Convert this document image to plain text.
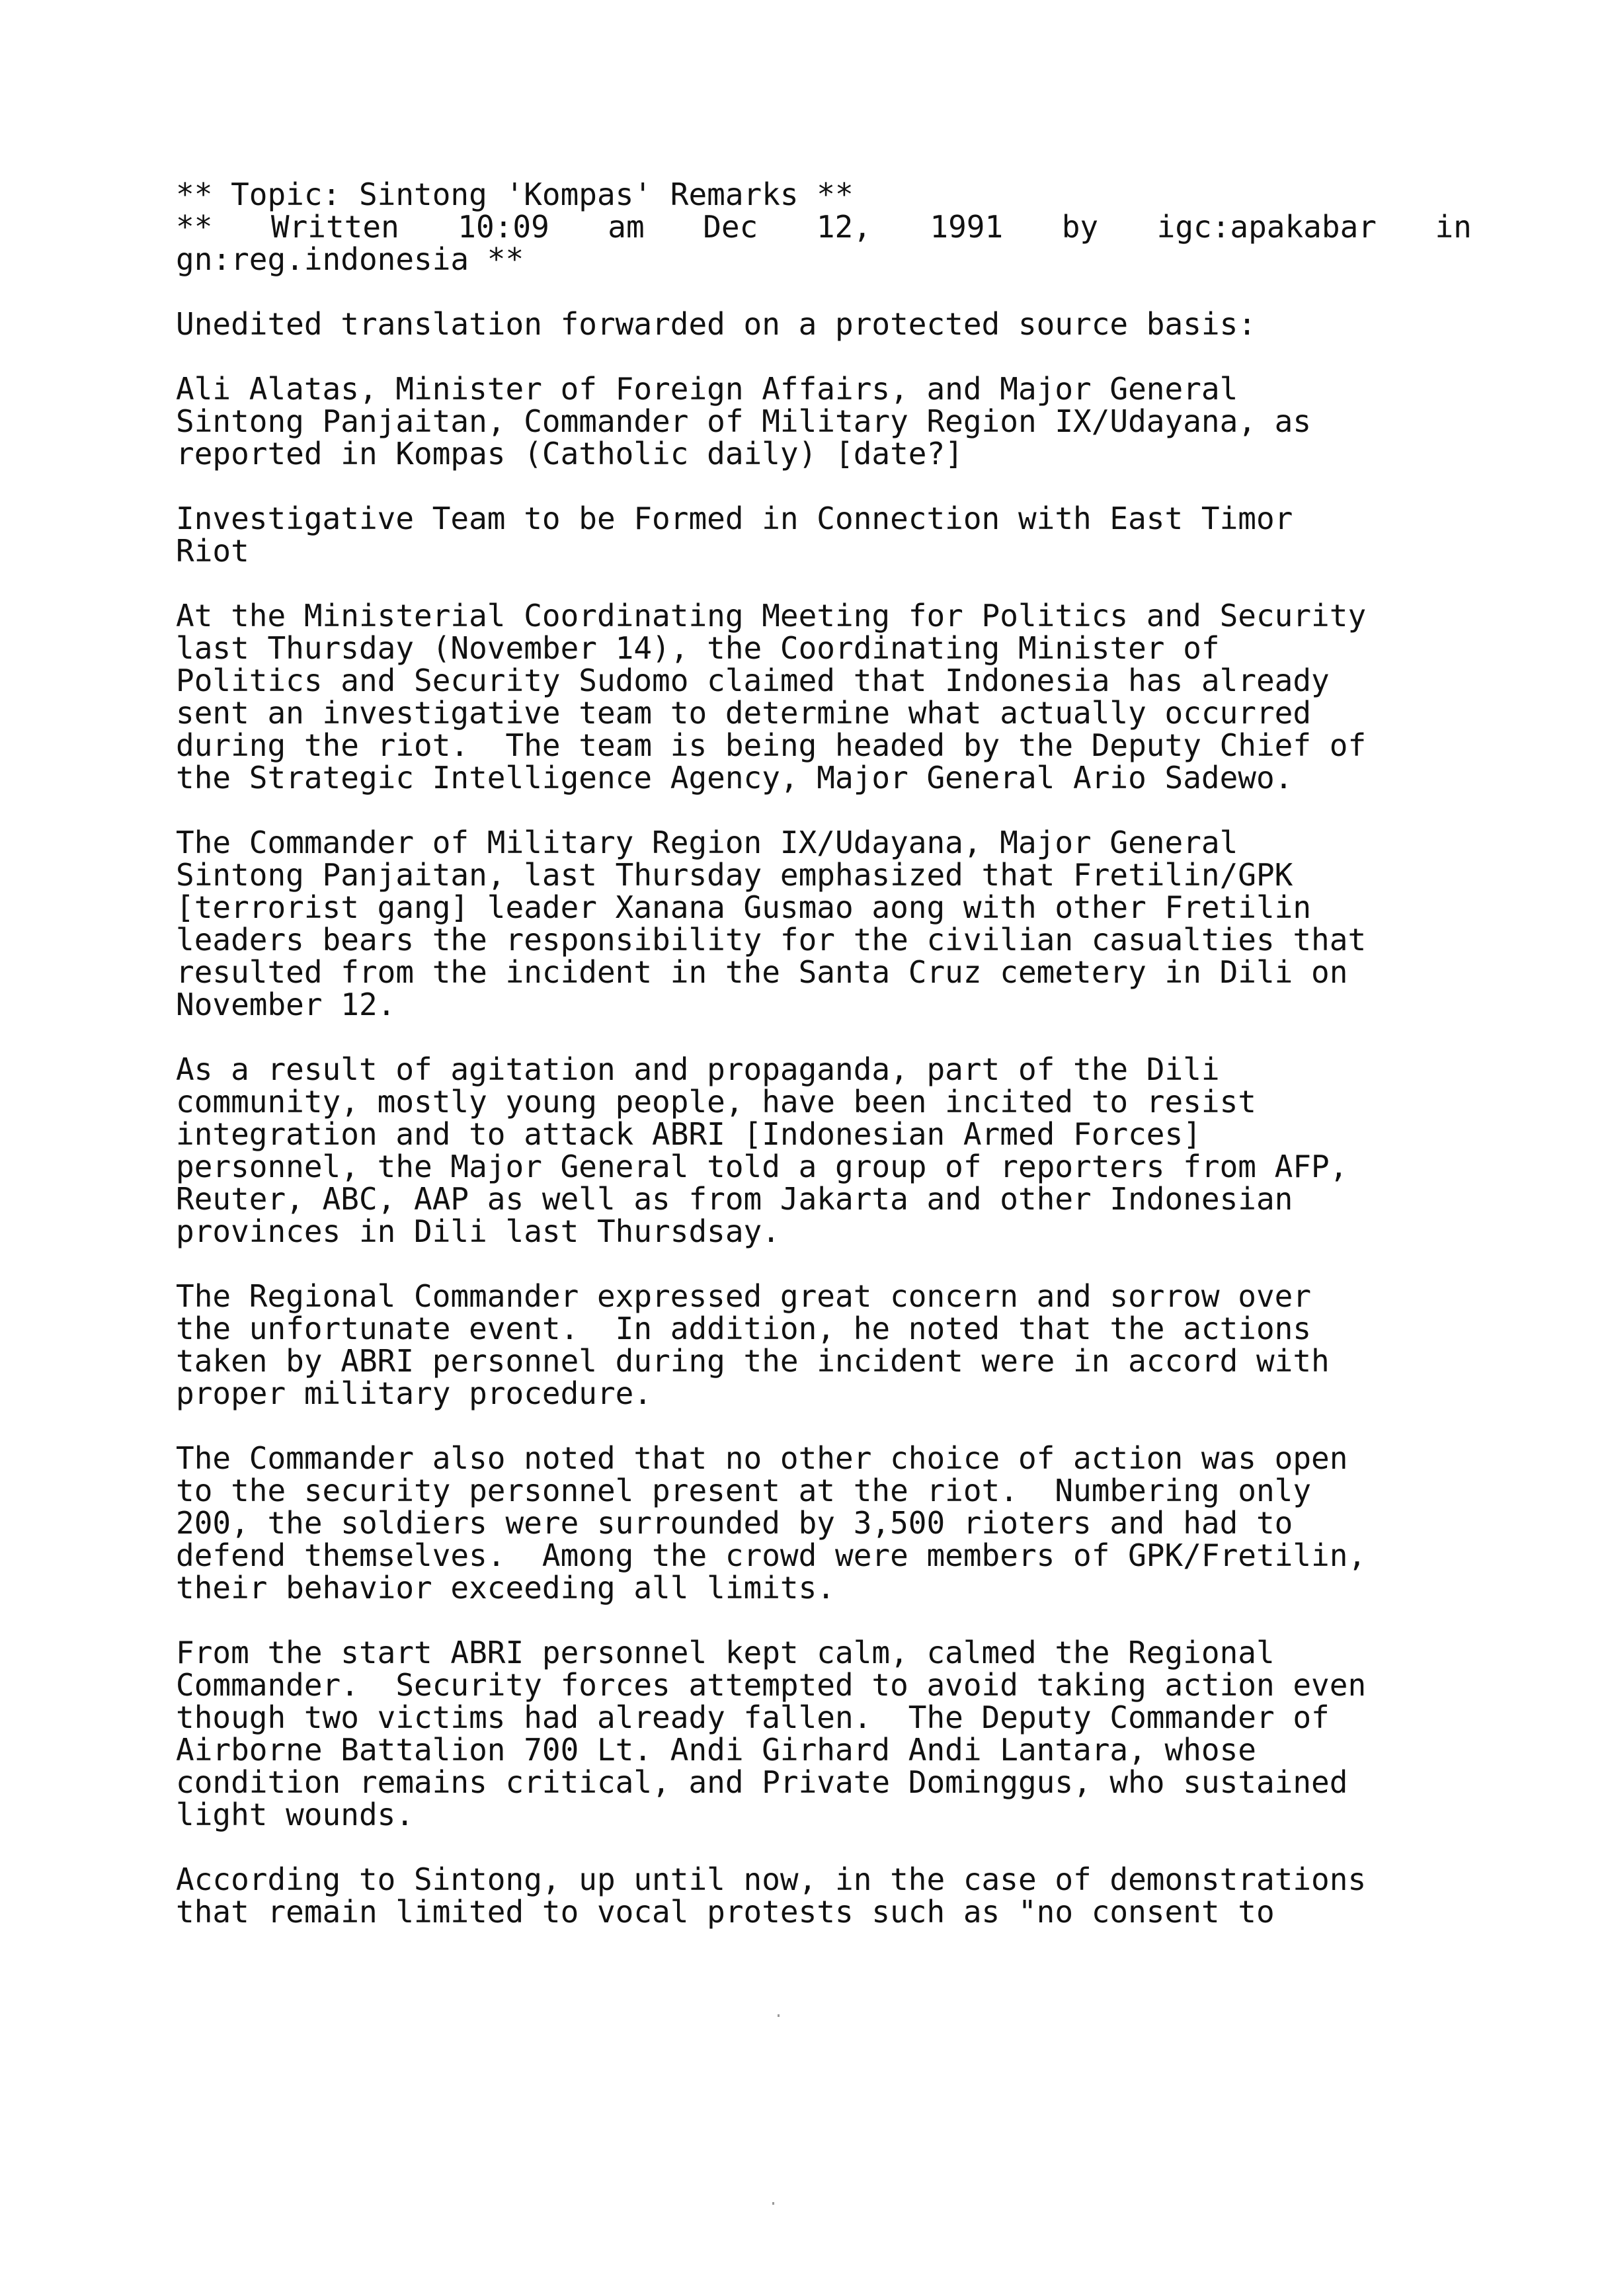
** Topic: Sintong 'Kompas' Remarks **
** Written 10:09 am Dec 12, 1991 by igc:apakabar in
gn:reg.indonesia **
Unedited translation forwarded on a protected source basis:
Ali Alatas, Minister of Foreign Affairs, and Major General
Sintong Panjaitan, Commander of Military Region IX/Udayana, as
reported in Kompas (Catholic daily) [date?]
Investigative Team to be Formed in Connection with East Timor
Riot
At the Ministerial Coordinating Meeting for Politics and Security
last Thursday (November 14), the Coordinating Minister of
Politics and Security Sudomo claimed that Indonesia has already
sent an investigative team to determine what actually occurred
during the riot.  The team is being headed by the Deputy Chief of
the Strategic Intelligence Agency, Major General Ario Sadewo.
The Commander of Military Region IX/Udayana, Major General
Sintong Panjaitan, last Thursday emphasized that Fretilin/GPK
[terrorist gang] leader Xanana Gusmao aong with other Fretilin
leaders bears the responsibility for the civilian casualties that
resulted from the incident in the Santa Cruz cemetery in Dili on
November 12.
As a result of agitation and propaganda, part of the Dili
community, mostly young people, have been incited to resist
integration and to attack ABRI [Indonesian Armed Forces]
personnel, the Major General told a group of reporters from AFP,
Reuter, ABC, AAP as well as from Jakarta and other Indonesian
provinces in Dili last Thursdsay.
The Regional Commander expressed great concern and sorrow over
the unfortunate event.  In addition, he noted that the actions
taken by ABRI personnel during the incident were in accord with
proper military procedure.
The Commander also noted that no other choice of action was open
to the security personnel present at the riot.  Numbering only
200, the soldiers were surrounded by 3,500 rioters and had to
defend themselves.  Among the crowd were members of GPK/Fretilin,
their behavior exceeding all limits.
From the start ABRI personnel kept calm, calmed the Regional
Commander.  Security forces attempted to avoid taking action even
though two victims had already fallen.  The Deputy Commander of
Airborne Battalion 700 Lt. Andi Girhard Andi Lantara, whose
condition remains critical, and Private Dominggus, who sustained
light wounds.
According to Sintong, up until now, in the case of demonstrations
that remain limited to vocal protests such as "no consent to
